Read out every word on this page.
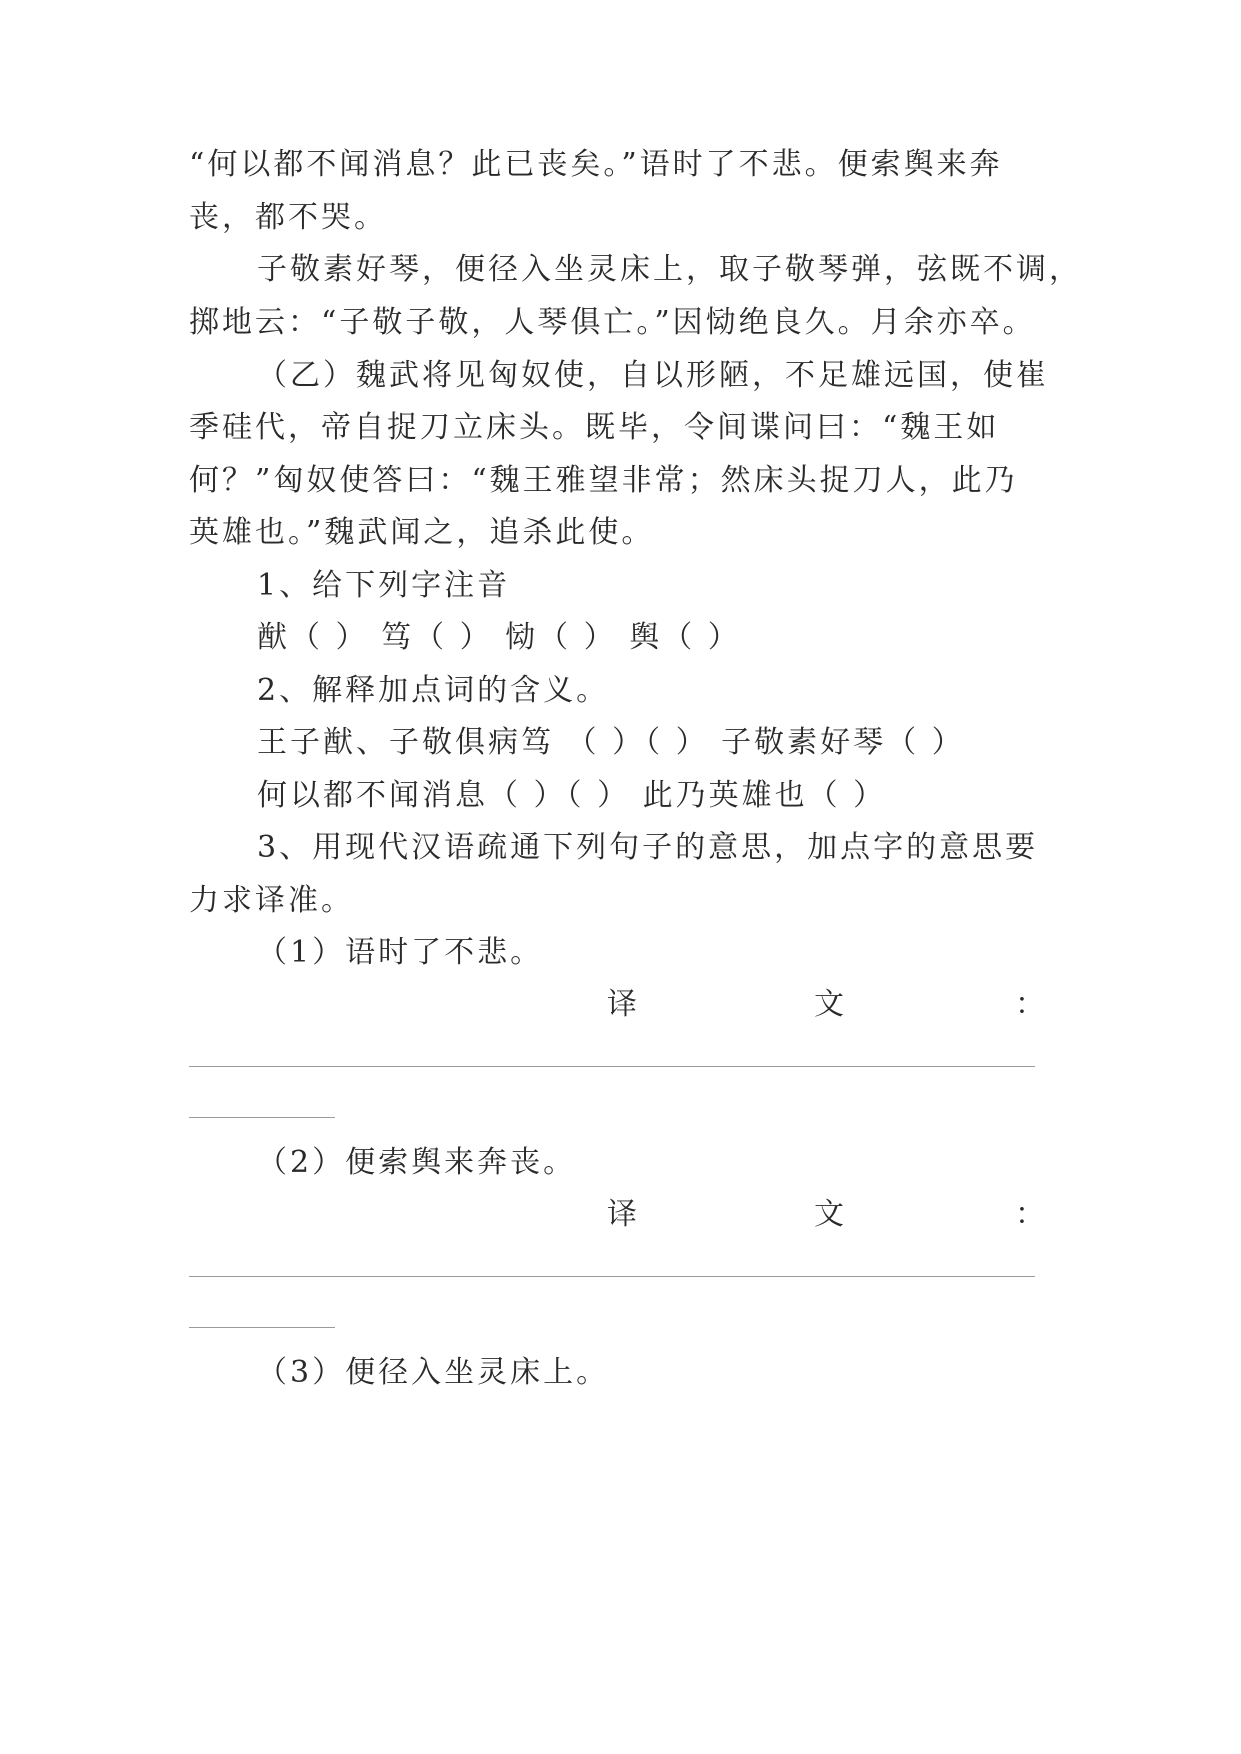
“何以都不闻消息？此已丧矣。”语时了不悲。便索舆来奔
丧，都不哭。
子敬素好琴，便径入坐灵床上，取子敬琴弹，弦既不调，
掷地云：“子敬子敬，人琴俱亡。”因恸绝良久。月余亦卒。
（乙）魏武将见匈奴使，自以形陋，不足雄远国，使崔
季硅代，帝自捉刀立床头。既毕，令间谍问曰：“魏王如
何？”匈奴使答曰：“魏王雅望非常；然床头捉刀人，此乃
英雄也。”魏武闻之，追杀此使。
1、给下列字注音
猷（ ） 笃（ ） 恸（ ） 舆（ ）
2、解释加点词的含义。
王子猷、子敬俱病笃 （ ）（ ） 子敬素好琴（ ）
何以都不闻消息（ ）（ ） 此乃英雄也（ ）
3、用现代汉语疏通下列句子的意思，加点字的意思要
力求译准。
（1）语时了不悲。
译	文	：
（2）便索舆来奔丧。
译	文	：
（3）便径入坐灵床上。
